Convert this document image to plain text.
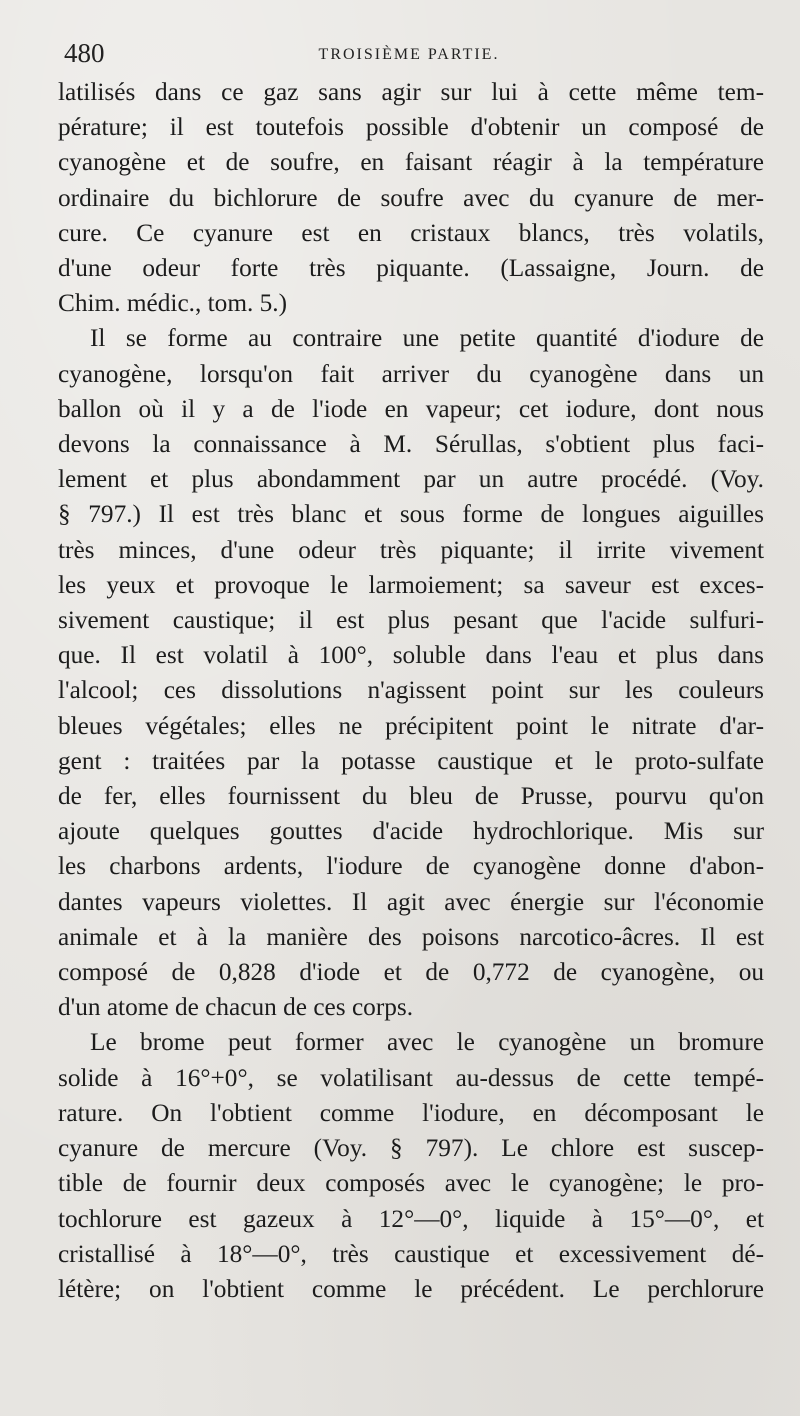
480	TROISIÈME PARTIE.

latilisés dans ce gaz sans agir sur lui à cette même tem-
pérature; il est toutefois possible d'obtenir un composé de
cyanogène et de soufre, en faisant réagir à la température
ordinaire du bichlorure de soufre avec du cyanure de mer-
cure. Ce cyanure est en cristaux blancs, très volatils,
d'une odeur forte très piquante. (Lassaigne, Journ. de
Chim. médic., tom. 5.)

Il se forme au contraire une petite quantité d'iodure de
cyanogène, lorsqu'on fait arriver du cyanogène dans un
ballon où il y a de l'iode en vapeur; cet iodure, dont nous
devons la connaissance à M. Sérullas, s'obtient plus faci-
lement et plus abondamment par un autre procédé. (Voy.
§ 797.) Il est très blanc et sous forme de longues aiguilles
très minces, d'une odeur très piquante; il irrite vivement
les yeux et provoque le larmoiement; sa saveur est exces-
sivement caustique; il est plus pesant que l'acide sulfuri-
que. Il est volatil à 100°, soluble dans l'eau et plus dans
l'alcool; ces dissolutions n'agissent point sur les couleurs
bleues végétales; elles ne précipitent point le nitrate d'ar-
gent : traitées par la potasse caustique et le proto-sulfate
de fer, elles fournissent du bleu de Prusse, pourvu qu'on
ajoute quelques gouttes d'acide hydrochlorique. Mis sur
les charbons ardents, l'iodure de cyanogène donne d'abon-
dantes vapeurs violettes. Il agit avec énergie sur l'économie
animale et à la manière des poisons narcotico-âcres. Il est
composé de 0,828 d'iode et de 0,772 de cyanogène, ou
d'un atome de chacun de ces corps.

Le brome peut former avec le cyanogène un bromure
solide à 16°+0°, se volatilisant au-dessus de cette tempé-
rature. On l'obtient comme l'iodure, en décomposant le
cyanure de mercure (Voy. § 797). Le chlore est suscep-
tible de fournir deux composés avec le cyanogène; le pro-
tochlorure est gazeux à 12°—0°, liquide à 15°—0°, et
cristallisé à 18°—0°, très caustique et excessivement dé-
létère; on l'obtient comme le précédent. Le perchlorure
